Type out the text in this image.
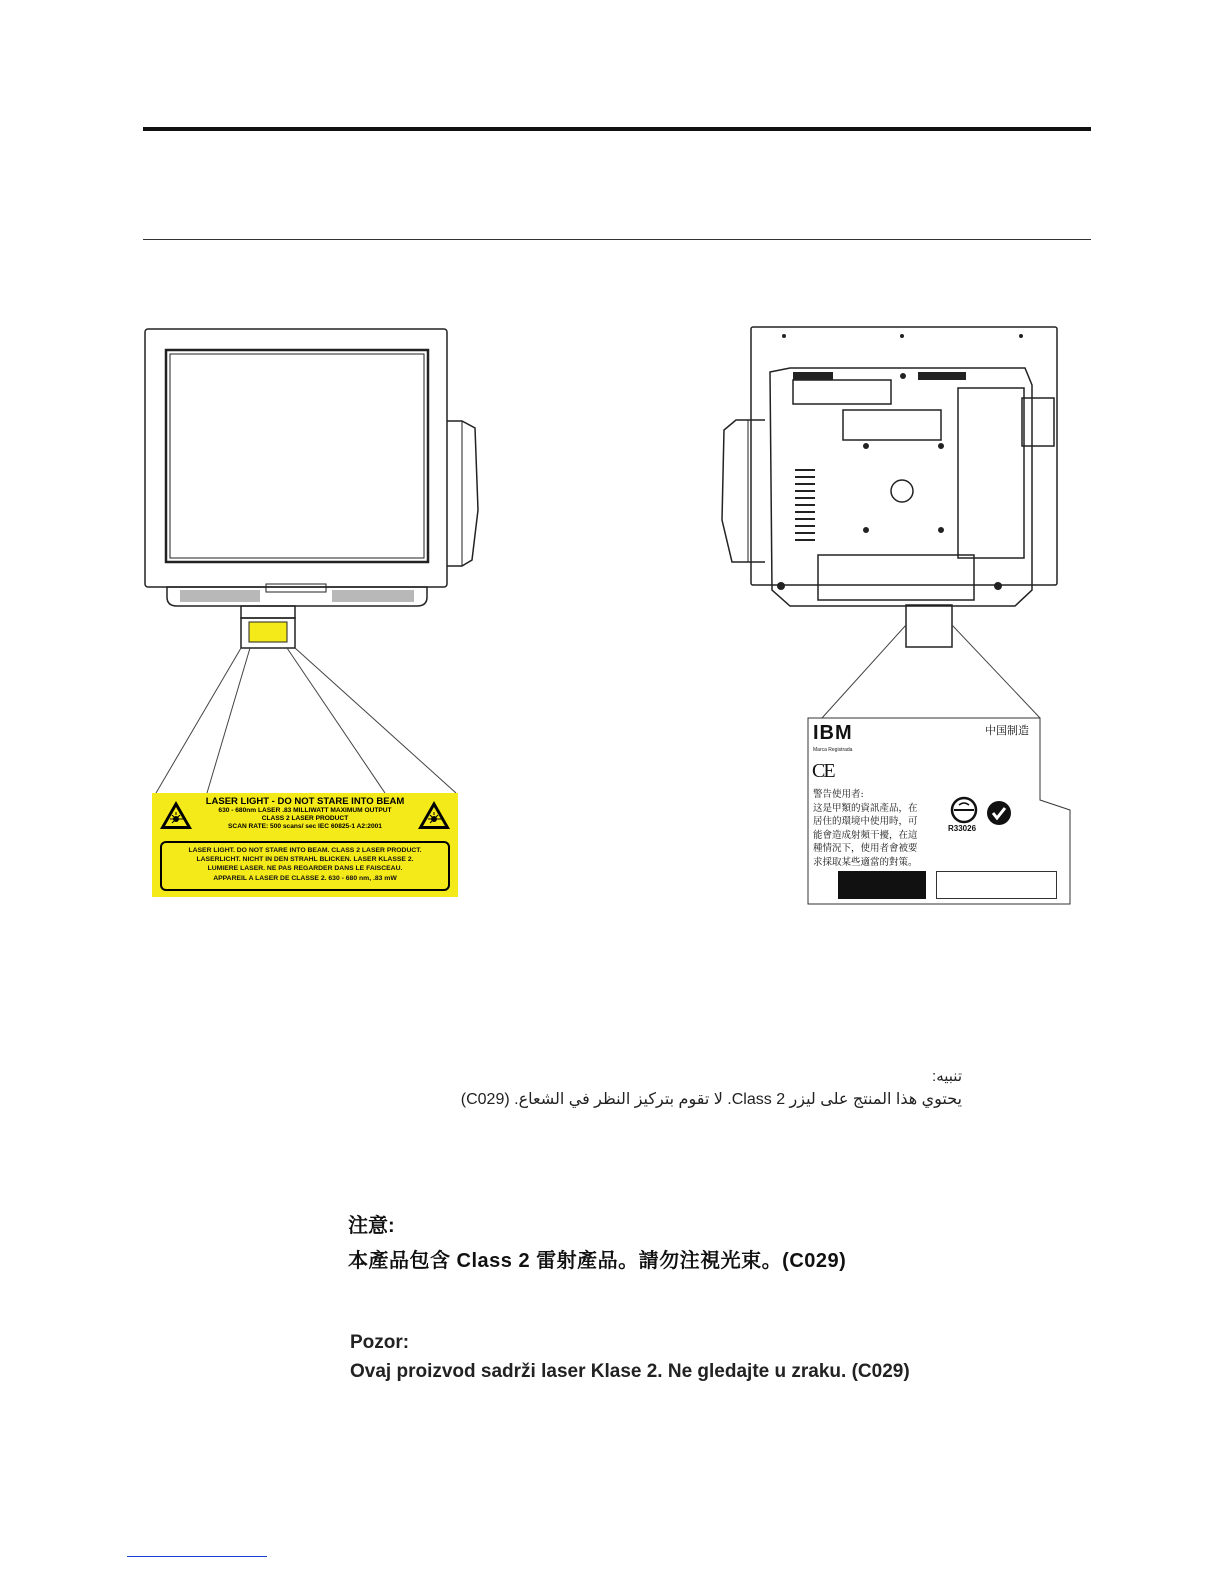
LASER LIGHT - DO NOT STARE INTO BEAM
630 - 680nm LASER .83 MILLIWATT MAXIMUM OUTPUT
CLASS 2 LASER PRODUCT
SCAN RATE: 500 scans/ sec IEC 60825-1 A2:2001
LASER LIGHT. DO NOT STARE INTO BEAM. CLASS 2 LASER PRODUCT.
LASERLICHT. NICHT IN DEN STRAHL BLICKEN. LASER KLASSE 2.
LUMIERE LASER. NE PAS REGARDER DANS LE FAISCEAU.
APPAREIL A LASER DE CLASSE 2. 630 - 680 nm, .83 mW
IBM
Marca Registrada
中国制造
CE
警告使用者:
这是甲類的資訊產品，在
居住的環境中使用時，可
能會造成射頻干擾，在這
種情況下，使用者會被要
求採取某些適當的對策。
R33026
تنبيه:
يحتوي هذا المنتج على ليزر Class 2. لا تقوم بتركيز النظر في الشعاع. (C029)
注意:
本產品包含 Class 2 雷射產品。請勿注視光束。(C029)
Pozor:
Ovaj proizvod sadrži laser Klase 2. Ne gledajte u zraku. (C029)
